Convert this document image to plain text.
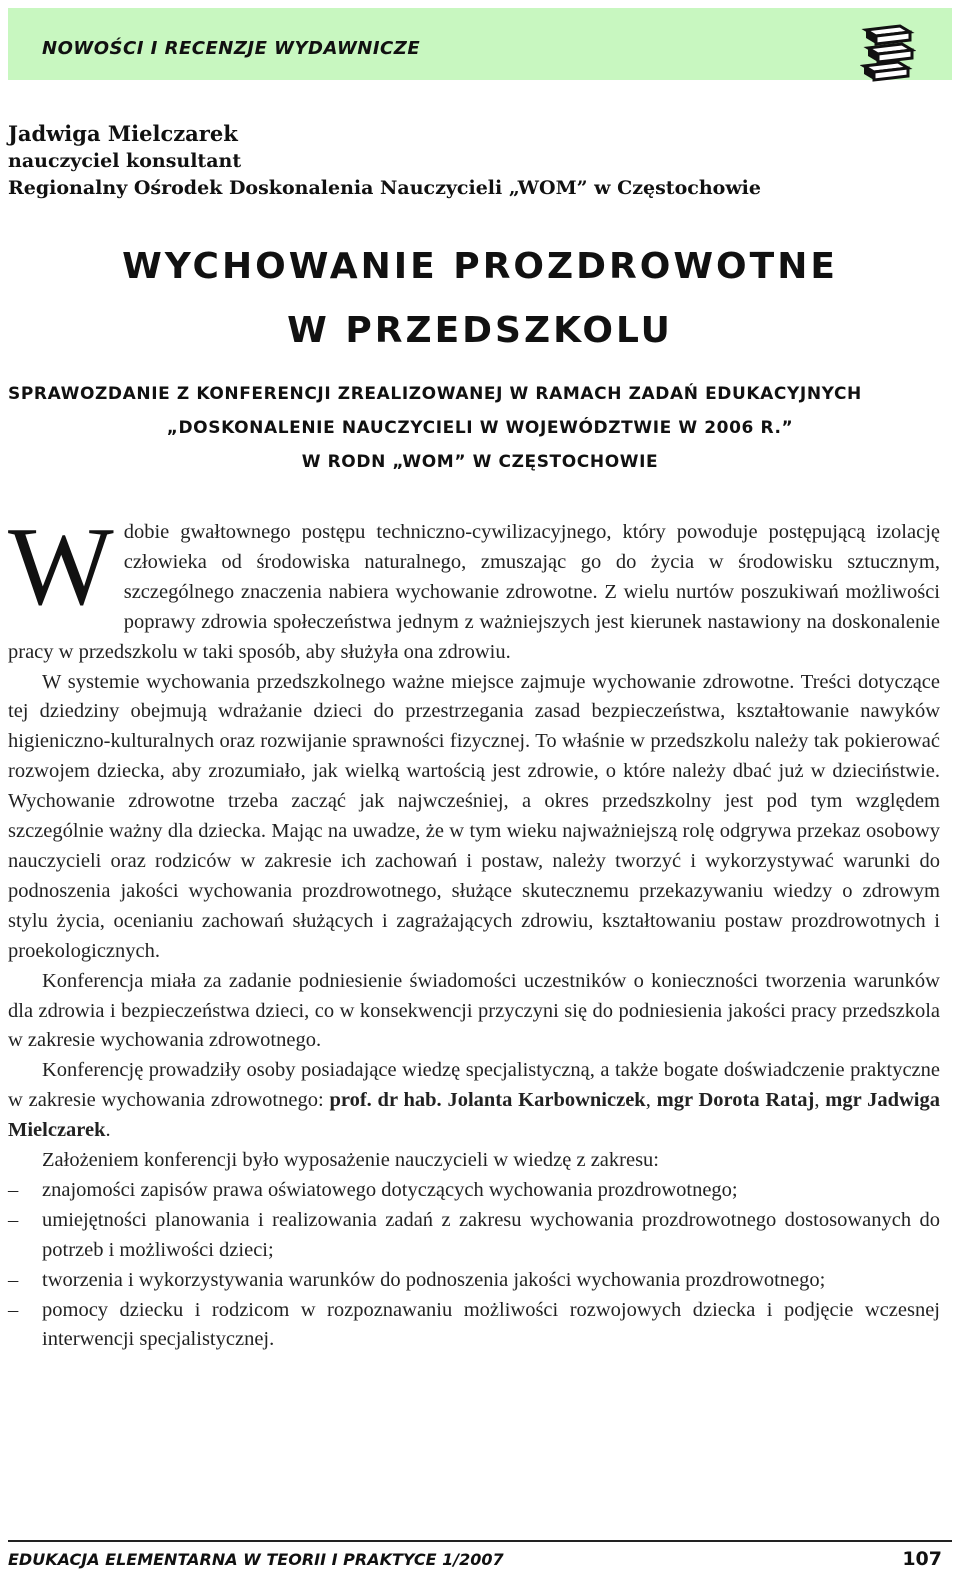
NOWOŚCI I RECENZJE WYDAWNICZE
Jadwiga Mielczarek
nauczyciel konsultant
Regionalny Ośrodek Doskonalenia Nauczycieli „WOM” w Częstochowie
WYCHOWANIE PROZDROWOTNE
W PRZEDSZKOLU
SPRAWOZDANIE Z KONFERENCJI ZREALIZOWANEJ W RAMACH ZADAŃ EDUKACYJNYCH
„DOSKONALENIE NAUCZYCIELI W WOJEWÓDZTWIE W 2006 R.”
W RODN „WOM” W CZĘSTOCHOWIE

Wdobie gwałtownego postępu techniczno-cywilizacyjnego, który powoduje postępującą izolację człowieka od środowiska naturalnego, zmuszając go do życia w środowisku sztucznym, szczególnego znaczenia nabiera wychowanie zdrowotne. Z wielu nurtów poszukiwań możliwości poprawy zdrowia społeczeństwa jednym z ważniejszych jest kierunek nastawiony na doskonalenie pracy w przedszkolu w taki sposób, aby służyła ona zdrowiu.

W systemie wychowania przedszkolnego ważne miejsce zajmuje wychowanie zdrowotne. Treści dotyczące tej dziedziny obejmują wdrażanie dzieci do przestrzegania zasad bezpieczeństwa, kształtowanie nawyków higieniczno-kulturalnych oraz rozwijanie sprawności fizycznej. To właśnie w przedszkolu należy tak pokierować rozwojem dziecka, aby zrozumiało, jak wielką wartością jest zdrowie, o które należy dbać już w dzieciństwie. Wychowanie zdrowotne trzeba zacząć jak najwcześniej, a okres przedszkolny jest pod tym względem szczególnie ważny dla dziecka. Mając na uwadze, że w tym wieku najważniejszą rolę odgrywa przekaz osobowy nauczycieli oraz rodziców w zakresie ich zachowań i postaw, należy tworzyć i wykorzystywać warunki do podnoszenia jakości wychowania prozdrowotnego, służące skutecznemu przekazywaniu wiedzy o zdrowym stylu życia, ocenianiu zachowań służących i zagrażających zdrowiu, kształtowaniu postaw prozdrowotnych i proekologicznych.

Konferencja miała za zadanie podniesienie świadomości uczestników o konieczności tworzenia warunków dla zdrowia i bezpieczeństwa dzieci, co w konsekwencji przyczyni się do podniesienia jakości pracy przedszkola w zakresie wychowania zdrowotnego.

Konferencję prowadziły osoby posiadające wiedzę specjalistyczną, a także bogate doświadczenie praktyczne w zakresie wychowania zdrowotnego: prof. dr hab. Jolanta Karbowniczek, mgr Dorota Rataj, mgr Jadwiga Mielczarek.

Założeniem konferencji było wyposażenie nauczycieli w wiedzę z zakresu:

– znajomości zapisów prawa oświatowego dotyczących wychowania prozdrowotnego;
– umiejętności planowania i realizowania zadań z zakresu wychowania prozdrowotnego dostosowanych do potrzeb i możliwości dzieci;
– tworzenia i wykorzystywania warunków do podnoszenia jakości wychowania prozdrowotnego;
– pomocy dziecku i rodzicom w rozpoznawaniu możliwości rozwojowych dziecka i podjęcie wczesnej interwencji specjalistycznej.
EDUKACJA ELEMENTARNA W TEORII I PRAKTYCE 1/2007	107
